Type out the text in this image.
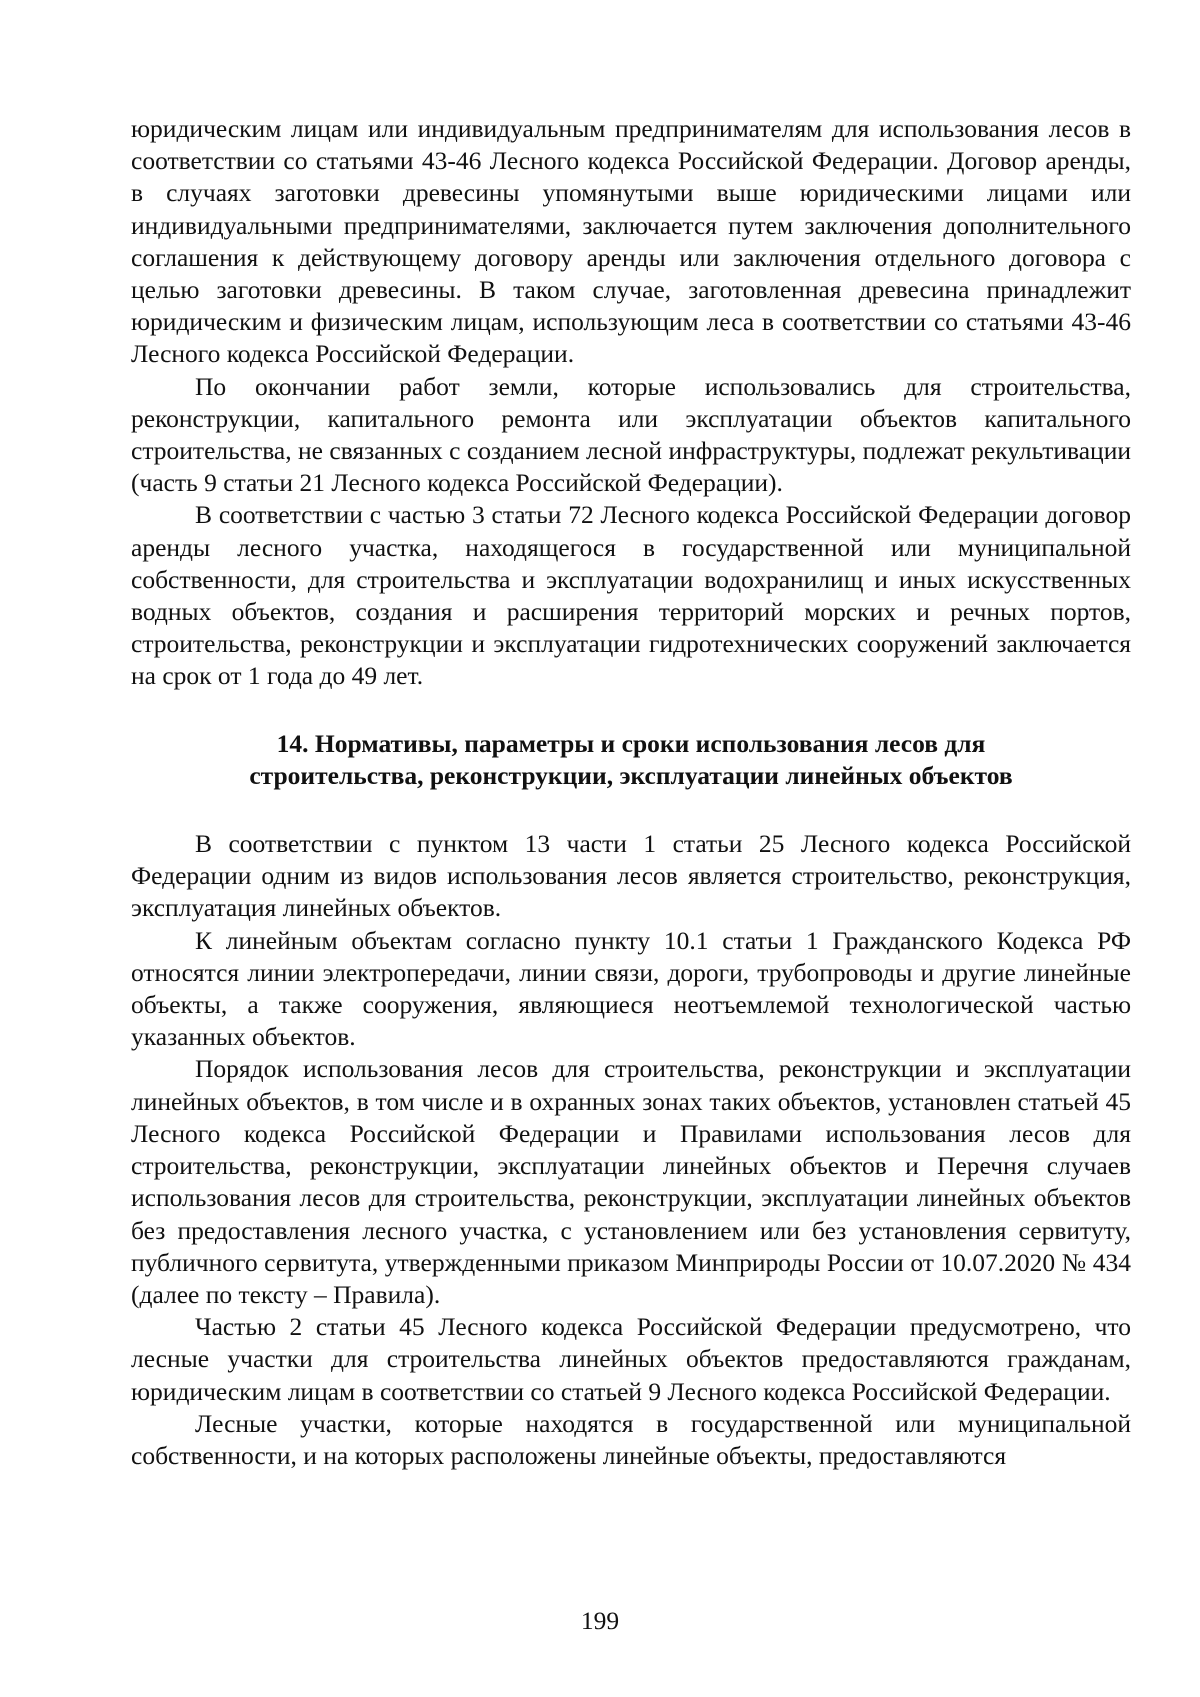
юридическим лицам или индивидуальным предпринимателям для использования лесов в соответствии со статьями 43-46 Лесного кодекса Российской Федерации. Договор аренды, в случаях заготовки древесины упомянутыми выше юридическими лицами или индивидуальными предпринимателями, заключается путем заключения дополнительного соглашения к действующему договору аренды или заключения отдельного договора с целью заготовки древесины. В таком случае, заготовленная древесина принадлежит юридическим и физическим лицам, использующим леса в соответствии со статьями 43-46 Лесного кодекса Российской Федерации.

По окончании работ земли, которые использовались для строительства, реконструкции, капитального ремонта или эксплуатации объектов капитального строительства, не связанных с созданием лесной инфраструктуры, подлежат рекультивации (часть 9 статьи 21 Лесного кодекса Российской Федерации).

В соответствии с частью 3 статьи 72 Лесного кодекса Российской Федерации договор аренды лесного участка, находящегося в государственной или муниципальной собственности, для строительства и эксплуатации водохранилищ и иных искусственных водных объектов, создания и расширения территорий морских и речных портов, строительства, реконструкции и эксплуатации гидротехнических сооружений заключается на срок от 1 года до 49 лет.

14. Нормативы, параметры и сроки использования лесов для
строительства, реконструкции, эксплуатации линейных объектов

В соответствии с пунктом 13 части 1 статьи 25 Лесного кодекса Российской Федерации одним из видов использования лесов является строительство, реконструкция, эксплуатация линейных объектов.

К линейным объектам согласно пункту 10.1 статьи 1 Гражданского Кодекса РФ относятся линии электропередачи, линии связи, дороги, трубопроводы и другие линейные объекты, а также сооружения, являющиеся неотъемлемой технологической частью указанных объектов.

Порядок использования лесов для строительства, реконструкции и эксплуатации линейных объектов, в том числе и в охранных зонах таких объектов, установлен статьей 45 Лесного кодекса Российской Федерации и Правилами использования лесов для строительства, реконструкции, эксплуатации линейных объектов и Перечня случаев использования лесов для строительства, реконструкции, эксплуатации линейных объектов без предоставления лесного участка, с установлением или без установления сервитуту, публичного сервитута, утвержденными приказом Минприроды России от 10.07.2020 № 434 (далее по тексту – Правила).

Частью 2 статьи 45 Лесного кодекса Российской Федерации предусмотрено, что лесные участки для строительства линейных объектов предоставляются гражданам, юридическим лицам в соответствии со статьей 9 Лесного кодекса Российской Федерации.

Лесные участки, которые находятся в государственной или муниципальной собственности, и на которых расположены линейные объекты, предоставляются

199
